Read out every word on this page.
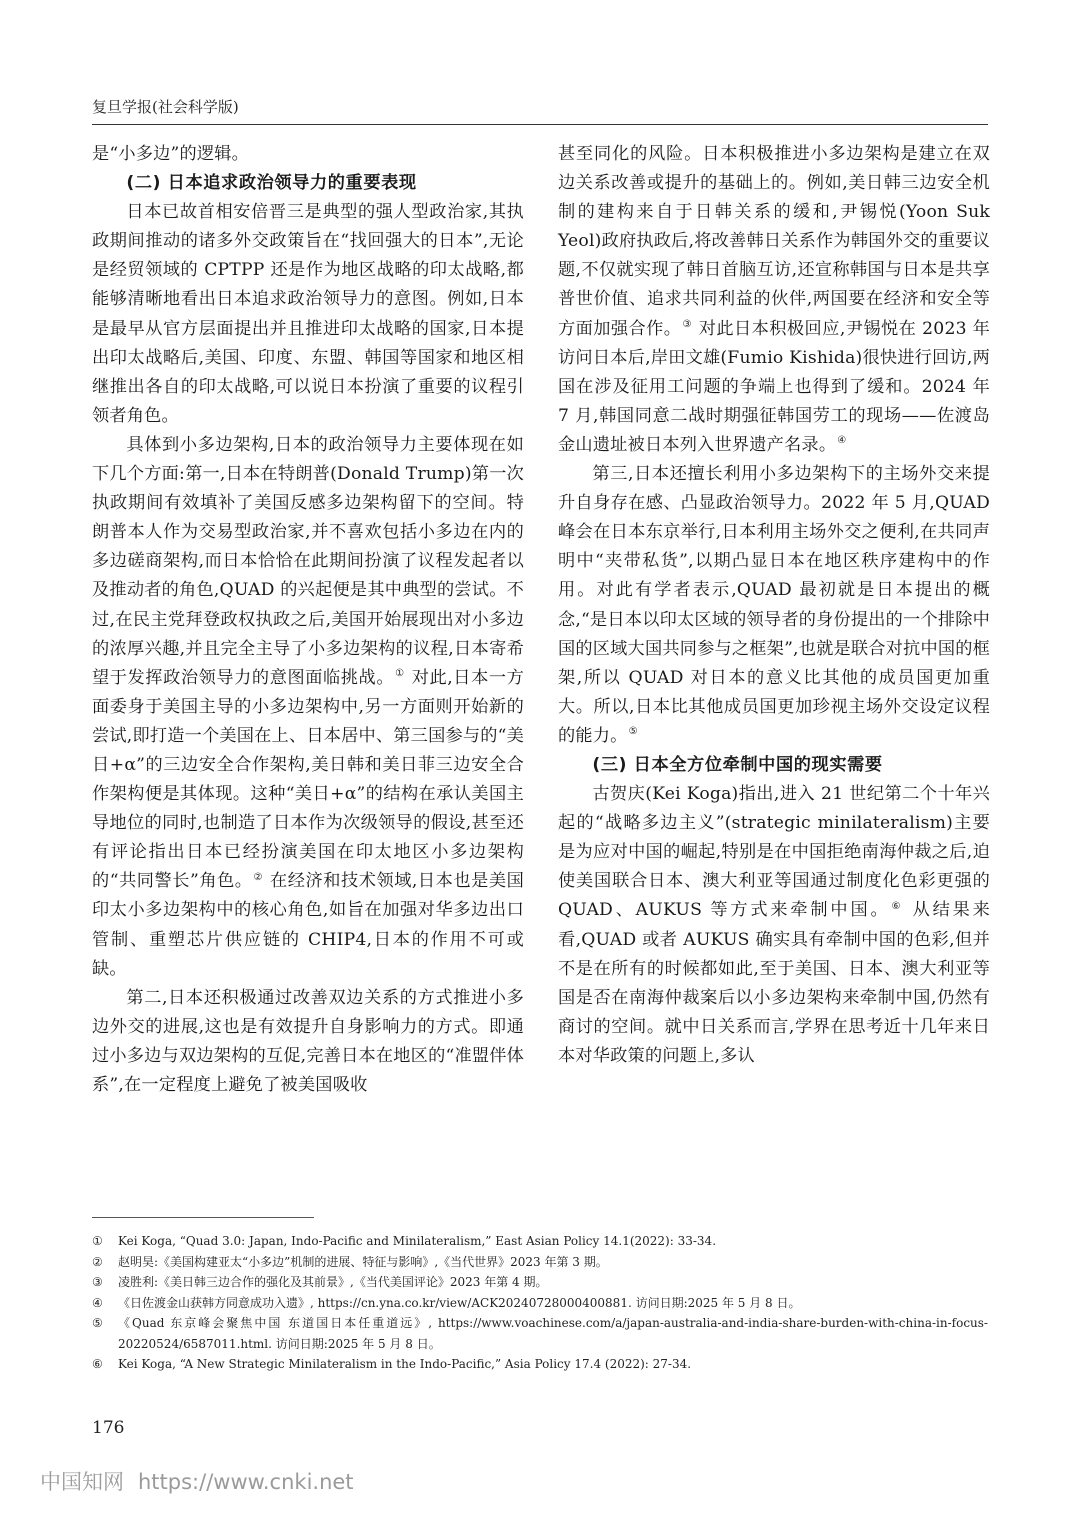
复旦学报(社会科学版)

是“小多边”的逻辑。

(二) 日本追求政治领导力的重要表现

日本已故首相安倍晋三是典型的强人型政治家,其执政期间推动的诸多外交政策旨在“找回强大的日本”,无论是经贸领域的 CPTPP 还是作为地区战略的印太战略,都能够清晰地看出日本追求政治领导力的意图。例如,日本是最早从官方层面提出并且推进印太战略的国家,日本提出印太战略后,美国、印度、东盟、韩国等国家和地区相继推出各自的印太战略,可以说日本扮演了重要的议程引领者角色。

具体到小多边架构,日本的政治领导力主要体现在如下几个方面:第一,日本在特朗普(Donald Trump)第一次执政期间有效填补了美国反感多边架构留下的空间。特朗普本人作为交易型政治家,并不喜欢包括小多边在内的多边磋商架构,而日本恰恰在此期间扮演了议程发起者以及推动者的角色,QUAD 的兴起便是其中典型的尝试。不过,在民主党拜登政权执政之后,美国开始展现出对小多边的浓厚兴趣,并且完全主导了小多边架构的议程,日本寄希望于发挥政治领导力的意图面临挑战。① 对此,日本一方面委身于美国主导的小多边架构中,另一方面则开始新的尝试,即打造一个美国在上、日本居中、第三国参与的“美日+α”的三边安全合作架构,美日韩和美日菲三边安全合作架构便是其体现。这种“美日+α”的结构在承认美国主导地位的同时,也制造了日本作为次级领导的假设,甚至还有评论指出日本已经扮演美国在印太地区小多边架构的“共同警长”角色。② 在经济和技术领域,日本也是美国印太小多边架构中的核心角色,如旨在加强对华多边出口管制、重塑芯片供应链的 CHIP4,日本的作用不可或缺。

第二,日本还积极通过改善双边关系的方式推进小多边外交的进展,这也是有效提升自身影响力的方式。即通过小多边与双边架构的互促,完善日本在地区的“准盟伴体系”,在一定程度上避免了被美国吸收

甚至同化的风险。日本积极推进小多边架构是建立在双边关系改善或提升的基础上的。例如,美日韩三边安全机制的建构来自于日韩关系的缓和,尹锡悦(Yoon Suk Yeol)政府执政后,将改善韩日关系作为韩国外交的重要议题,不仅就实现了韩日首脑互访,还宣称韩国与日本是共享普世价值、追求共同利益的伙伴,两国要在经济和安全等方面加强合作。③ 对此日本积极回应,尹锡悦在 2023 年访问日本后,岸田文雄(Fumio Kishida)很快进行回访,两国在涉及征用工问题的争端上也得到了缓和。2024 年 7 月,韩国同意二战时期强征韩国劳工的现场——佐渡岛金山遗址被日本列入世界遗产名录。④

第三,日本还擅长利用小多边架构下的主场外交来提升自身存在感、凸显政治领导力。2022 年 5 月,QUAD 峰会在日本东京举行,日本利用主场外交之便利,在共同声明中“夹带私货”,以期凸显日本在地区秩序建构中的作用。对此有学者表示,QUAD 最初就是日本提出的概念,“是日本以印太区域的领导者的身份提出的一个排除中国的区域大国共同参与之框架”,也就是联合对抗中国的框架,所以 QUAD 对日本的意义比其他的成员国更加重大。所以,日本比其他成员国更加珍视主场外交设定议程的能力。⑤

(三) 日本全方位牵制中国的现实需要

古贺庆(Kei Koga)指出,进入 21 世纪第二个十年兴起的“战略多边主义”(strategic minilateralism)主要是为应对中国的崛起,特别是在中国拒绝南海仲裁之后,迫使美国联合日本、澳大利亚等国通过制度化色彩更强的 QUAD、AUKUS 等方式来牵制中国。⑥ 从结果来看,QUAD 或者 AUKUS 确实具有牵制中国的色彩,但并不是在所有的时候都如此,至于美国、日本、澳大利亚等国是否在南海仲裁案后以小多边架构来牵制中国,仍然有商讨的空间。就中日关系而言,学界在思考近十几年来日本对华政策的问题上,多认

①	Kei Koga, “Quad 3.0: Japan, Indo-Pacific and Minilateralism,” East Asian Policy 14.1(2022): 33-34.
②	赵明昊:《美国构建亚太“小多边”机制的进展、特征与影响》,《当代世界》2023 年第 3 期。
③	凌胜利:《美日韩三边合作的强化及其前景》,《当代美国评论》2023 年第 4 期。
④	《日佐渡金山获韩方同意成功入遗》, https://cn.yna.co.kr/view/ACK20240728000400881. 访问日期:2025 年 5 月 8 日。
⑤	《Quad 东京峰会聚焦中国 东道国日本任重道远》, https://www.voachinese.com/a/japan-australia-and-india-share-burden-with-china-in-focus-20220524/6587011.html. 访问日期:2025 年 5 月 8 日。
⑥	Kei Koga, “A New Strategic Minilateralism in the Indo-Pacific,” Asia Policy 17.4 (2022): 27-34.
176
中国知网 https://www.cnki.net
